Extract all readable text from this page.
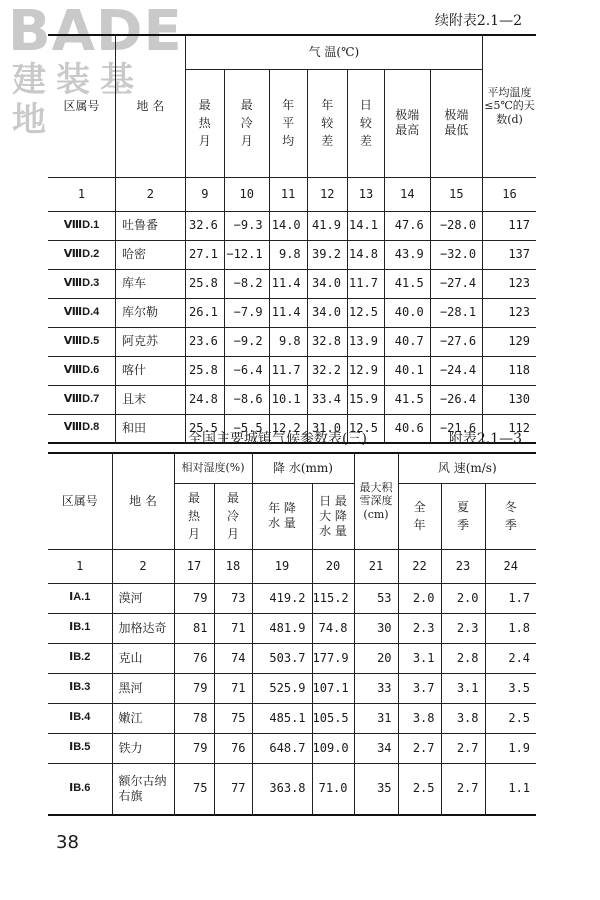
BADE
建装基地
续附表2.1—2
区属号	地 名	气 温(℃)							平均温度≤5℃的天数(d)
		最热月	最冷月	年平均	年较差	日较差	极端最高	极端最低	
1	2	9	10	11	12	13	14	15	16
ⅧD.1	吐鲁番	32.6	−9.3	14.0	41.9	14.1	47.6	−28.0	117
ⅧD.2	哈密	27.1	−12.1	9.8	39.2	14.8	43.9	−32.0	137
ⅧD.3	库车	25.8	−8.2	11.4	34.0	11.7	41.5	−27.4	123
ⅧD.4	库尔勒	26.1	−7.9	11.4	34.0	12.5	40.0	−28.1	123
ⅧD.5	阿克苏	23.6	−9.2	9.8	32.8	13.9	40.7	−27.6	129
ⅧD.6	喀什	25.8	−6.4	11.7	32.2	12.9	40.1	−24.4	118
ⅧD.7	且末	24.8	−8.6	10.1	33.4	15.9	41.5	−26.4	130
ⅧD.8	和田	25.5	−5.5	12.2	31.0	12.5	40.6	−21.6	112
全国主要城镇气候参数表(三)	附表2.1—3
区属号	地 名	相对湿度(%)		降 水(mm)		最大积雪深度(cm)	风 速(m/s)		
		最热月	最冷月	年 降 水 量	日 最 大 降 水 量		全 年	夏 季	冬 季
1	2	17	18	19	20	21	22	23	24
ⅠA.1	漠河	79	73	419.2	115.2	53	2.0	2.0	1.7
ⅠB.1	加格达奇	81	71	481.9	74.8	30	2.3	2.3	1.8
ⅠB.2	克山	76	74	503.7	177.9	20	3.1	2.8	2.4
ⅠB.3	黑河	79	71	525.9	107.1	33	3.7	3.1	3.5
ⅠB.4	嫩江	78	75	485.1	105.5	31	3.8	3.8	2.5
ⅠB.5	铁力	79	76	648.7	109.0	34	2.7	2.7	1.9
ⅠB.6	额尔古纳右旗	75	77	363.8	71.0	35	2.5	2.7	1.1
38
